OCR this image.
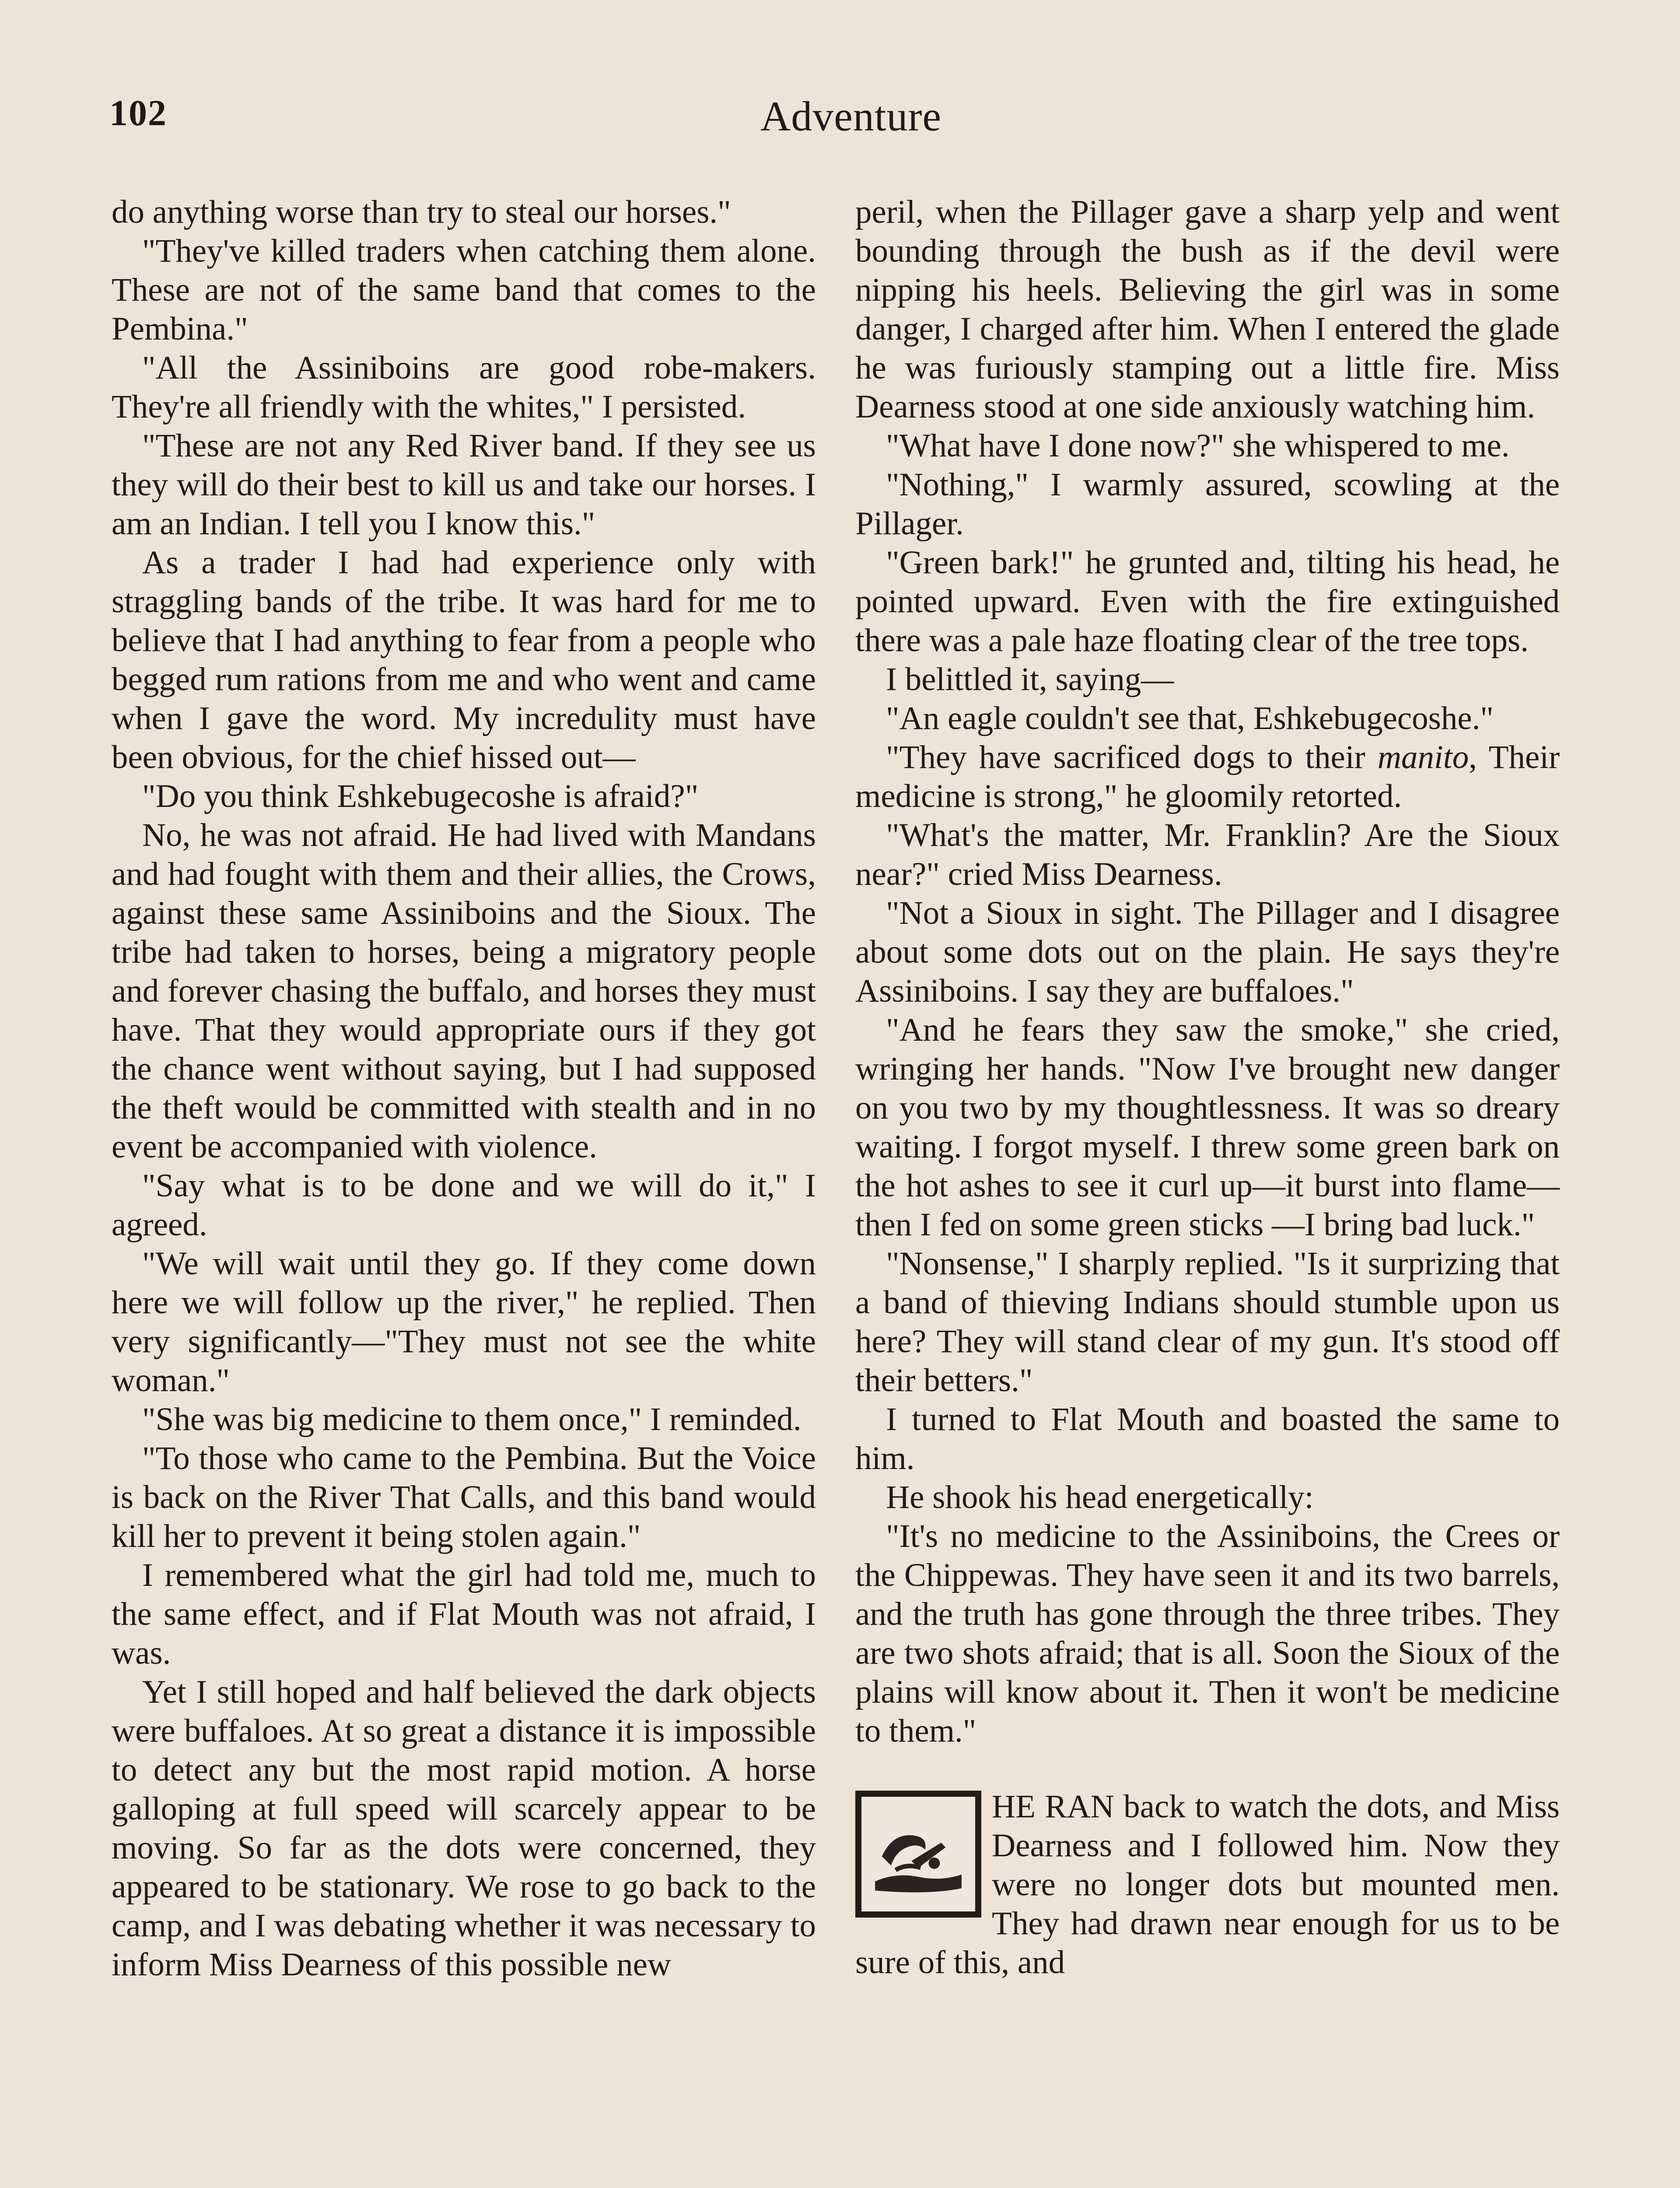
102	Adventure

do anything worse than try to steal our horses."

"They've killed traders when catching them alone. These are not of the same band that comes to the Pembina."

"All the Assiniboins are good robe-makers. They're all friendly with the whites," I persisted.

"These are not any Red River band. If they see us they will do their best to kill us and take our horses. I am an Indian. I tell you I know this."

As a trader I had had experience only with straggling bands of the tribe. It was hard for me to believe that I had anything to fear from a people who begged rum rations from me and who went and came when I gave the word. My incredulity must have been obvious, for the chief hissed out—

"Do you think Eshkebugecoshe is afraid?"

No, he was not afraid. He had lived with Mandans and had fought with them and their allies, the Crows, against these same Assiniboins and the Sioux. The tribe had taken to horses, being a migratory people and forever chasing the buffalo, and horses they must have. That they would appropriate ours if they got the chance went without saying, but I had supposed the theft would be committed with stealth and in no event be accompanied with violence.

"Say what is to be done and we will do it," I agreed.

"We will wait until they go. If they come down here we will follow up the river," he replied. Then very significantly—"They must not see the white woman."

"She was big medicine to them once," I reminded.

"To those who came to the Pembina. But the Voice is back on the River That Calls, and this band would kill her to prevent it being stolen again."

I remembered what the girl had told me, much to the same effect, and if Flat Mouth was not afraid, I was.

Yet I still hoped and half believed the dark objects were buffaloes. At so great a distance it is impossible to detect any but the most rapid motion. A horse galloping at full speed will scarcely appear to be moving. So far as the dots were concerned, they appeared to be stationary. We rose to go back to the camp, and I was debating whether it was necessary to inform Miss Dearness of this possible new

peril, when the Pillager gave a sharp yelp and went bounding through the bush as if the devil were nipping his heels. Believing the girl was in some danger, I charged after him. When I entered the glade he was furiously stamping out a little fire. Miss Dearness stood at one side anxiously watching him.

"What have I done now?" she whispered to me.

"Nothing," I warmly assured, scowling at the Pillager.

"Green bark!" he grunted and, tilting his head, he pointed upward. Even with the fire extinguished there was a pale haze floating clear of the tree tops.

I belittled it, saying—

"An eagle couldn't see that, Eshkebugecoshe."

"They have sacrificed dogs to their manito, Their medicine is strong," he gloomily retorted.

"What's the matter, Mr. Franklin? Are the Sioux near?" cried Miss Dearness.

"Not a Sioux in sight. The Pillager and I disagree about some dots out on the plain. He says they're Assiniboins. I say they are buffaloes."

"And he fears they saw the smoke," she cried, wringing her hands. "Now I've brought new danger on you two by my thoughtlessness. It was so dreary waiting. I forgot myself. I threw some green bark on the hot ashes to see it curl up—it burst into flame—then I fed on some green sticks —I bring bad luck."

"Nonsense," I sharply replied. "Is it surprizing that a band of thieving Indians should stumble upon us here? They will stand clear of my gun. It's stood off their betters."

I turned to Flat Mouth and boasted the same to him.

He shook his head energetically:

"It's no medicine to the Assiniboins, the Crees or the Chippewas. They have seen it and its two barrels, and the truth has gone through the three tribes. They are two shots afraid; that is all. Soon the Sioux of the plains will know about it. Then it won't be medicine to them."

HE RAN back to watch the dots, and Miss Dearness and I followed him. Now they were no longer dots but mounted men. They had drawn near enough for us to be sure of this, and
